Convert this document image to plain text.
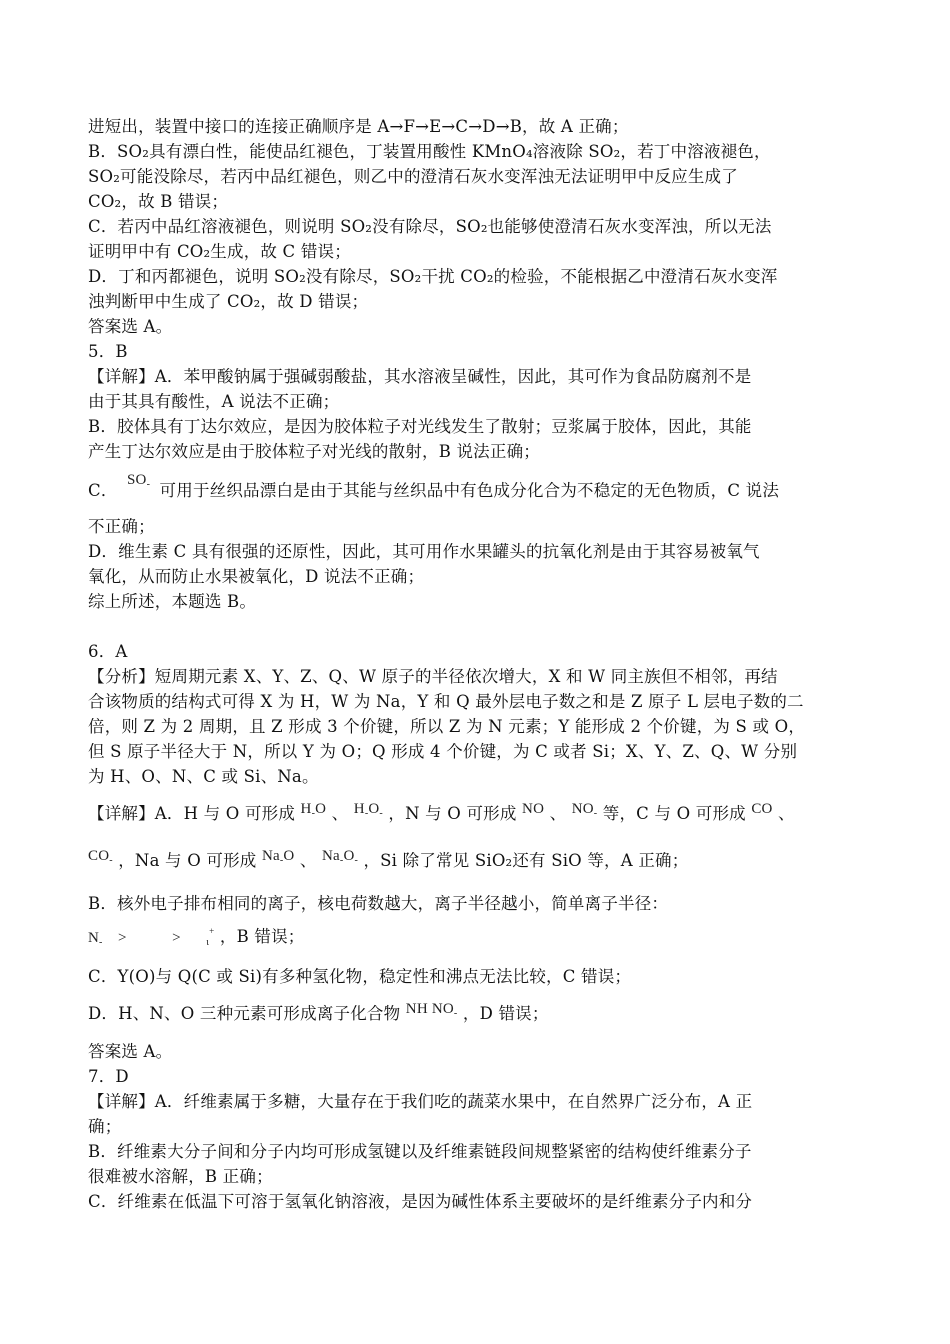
进短出，装置中接口的连接正确顺序是 A→F→E→C→D→B，故 A 正确；
B．SO₂具有漂白性，能使品红褪色，丁装置用酸性 KMnO₄溶液除 SO₂，若丁中溶液褪色，
SO₂可能没除尽，若丙中品红褪色，则乙中的澄清石灰水变浑浊无法证明甲中反应生成了
CO₂，故 B 错误；
C．若丙中品红溶液褪色，则说明 SO₂没有除尽，SO₂也能够使澄清石灰水变浑浊，所以无法
证明甲中有 CO₂生成，故 C 错误；
D．丁和丙都褪色，说明 SO₂没有除尽，SO₂干扰 CO₂的检验，不能根据乙中澄清石灰水变浑
浊判断甲中生成了 CO₂，故 D 错误；
答案选 A。
5．B
【详解】A．苯甲酸钠属于强碱弱酸盐，其水溶液呈碱性，因此，其可作为食品防腐剂不是
由于其具有酸性，A 说法不正确；
B．胶体具有丁达尔效应，是因为胶体粒子对光线发生了散射；豆浆属于胶体，因此，其能
产生丁达尔效应是由于胶体粒子对光线的散射，B 说法正确；
C． $SO_-$ 可用于丝织品漂白是由于其能与丝织品中有色成分化合为不稳定的无色物质，C 说法
不正确；
D．维生素 C 具有很强的还原性，因此，其可用作水果罐头的抗氧化剂是由于其容易被氧气
氧化，从而防止水果被氧化，D 说法不正确；
综上所述，本题选 B。
6．A
【分析】短周期元素 X、Y、Z、Q、W 原子的半径依次增大，X 和 W 同主族但不相邻，再结
合该物质的结构式可得 X 为 H，W 为 Na，Y 和 Q 最外层电子数之和是 Z 原子 L 层电子数的二
倍，则 Z 为 2 周期，且 Z 形成 3 个价键，所以 Z 为 N 元素；Y 能形成 2 个价键，为 S 或 O，
但 S 原子半径大于 N，所以 Y 为 O；Q 形成 4 个价键，为 C 或者 Si；X、Y、Z、Q、W 分别
为 H、O、N、C 或 Si、Na。
【详解】A．H 与 O 可形成 $H_-O$ 、 $H_-O_-$ ，N 与 O 可形成 NO 、 $NO_-$ 等，C 与 O 可形成 CO 、
$CO_-$ ，Na 与 O 可形成 $Na_-O$ 、 $Na_-O_-$ ，Si 除了常见 SiO₂还有 SiO 等，A 正确；
B．核外电子排布相同的离子，核电荷数越大，离子半径越小，简单离子半径：
$N_-$ >	>	$_\iota$+ ，B 错误；
C．Y(O)与 Q(C 或 Si)有多种氢化物，稳定性和沸点无法比较，C 错误；
D．H、N、O 三种元素可形成离子化合物 NH $NO_-$ ，D 错误；
答案选 A。
7．D
【详解】A．纤维素属于多糖，大量存在于我们吃的蔬菜水果中，在自然界广泛分布，A 正
确；
B．纤维素大分子间和分子内均可形成氢键以及纤维素链段间规整紧密的结构使纤维素分子
很难被水溶解，B 正确；
C．纤维素在低温下可溶于氢氧化钠溶液，是因为碱性体系主要破坏的是纤维素分子内和分
